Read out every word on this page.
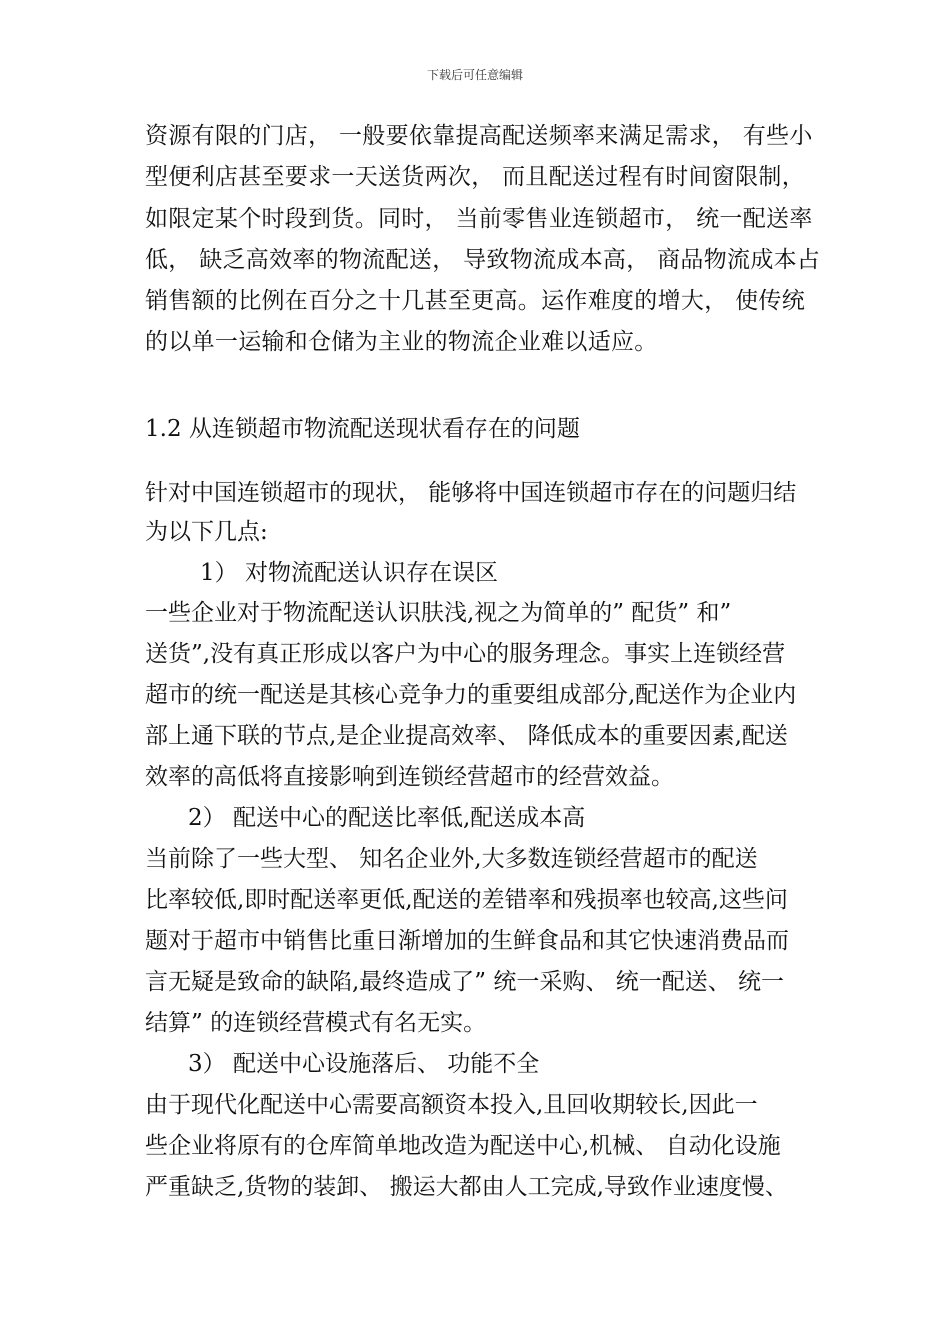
下载后可任意编辑
资源有限的门店， 一般要依靠提高配送频率来满足需求， 有些小
型便利店甚至要求一天送货两次， 而且配送过程有时间窗限制，
如限定某个时段到货。同时， 当前零售业连锁超市， 统一配送率
低， 缺乏高效率的物流配送， 导致物流成本高， 商品物流成本占
销售额的比例在百分之十几甚至更高。运作难度的增大， 使传统
的以单一运输和仓储为主业的物流企业难以适应。
1.2 从连锁超市物流配送现状看存在的问题
针对中国连锁超市的现状， 能够将中国连锁超市存在的问题归结
为以下几点:
1） 对物流配送认识存在误区
一些企业对于物流配送认识肤浅,视之为简单的” 配货” 和”
送货”,没有真正形成以客户为中心的服务理念。事实上连锁经营
超市的统一配送是其核心竞争力的重要组成部分,配送作为企业内
部上通下联的节点,是企业提高效率、 降低成本的重要因素,配送
效率的高低将直接影响到连锁经营超市的经营效益。
2） 配送中心的配送比率低,配送成本高
当前除了一些大型、 知名企业外,大多数连锁经营超市的配送
比率较低,即时配送率更低,配送的差错率和残损率也较高,这些问
题对于超市中销售比重日渐增加的生鲜食品和其它快速消费品而
言无疑是致命的缺陷,最终造成了” 统一采购、 统一配送、 统一
结算” 的连锁经营模式有名无实。
3） 配送中心设施落后、 功能不全
由于现代化配送中心需要高额资本投入,且回收期较长,因此一
些企业将原有的仓库简单地改造为配送中心,机械、 自动化设施
严重缺乏,货物的装卸、 搬运大都由人工完成,导致作业速度慢、
